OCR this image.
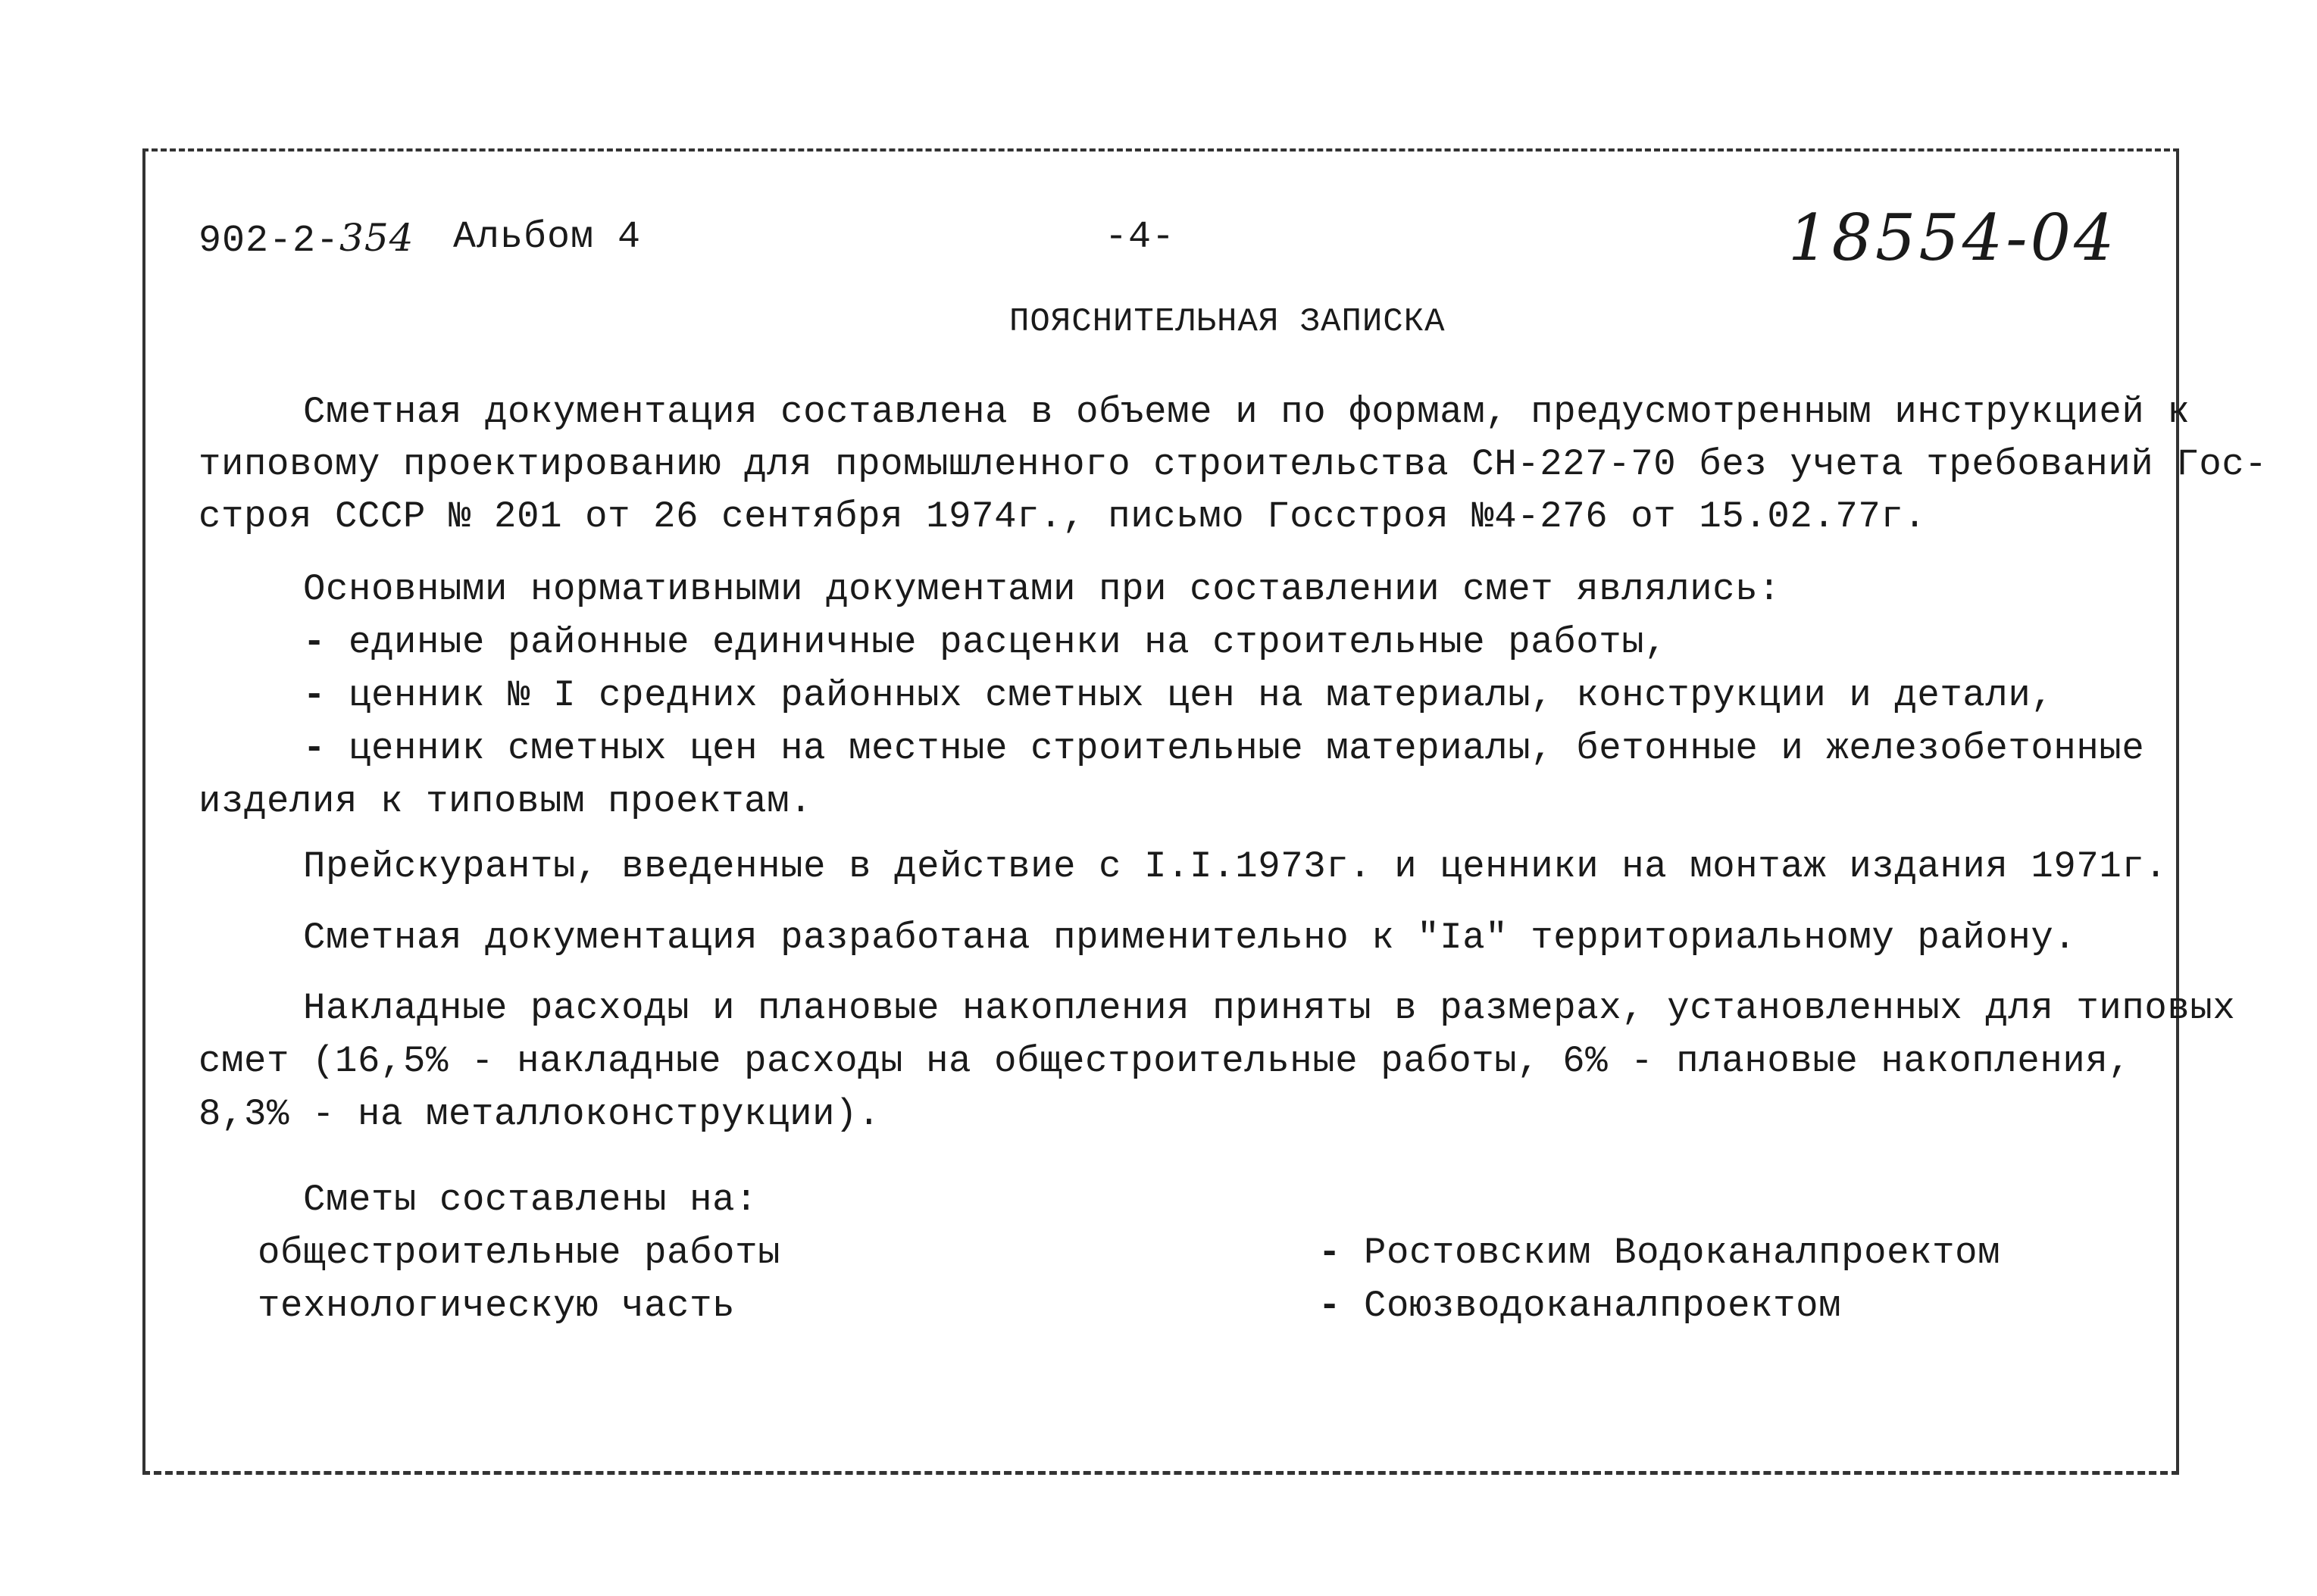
902-2-354 Альбом 4	-4-	18554-04
ПОЯСНИТЕЛЬНАЯ ЗАПИСКА
Сметная документация составлена в объеме и по формам, предусмотренным инструкцией к
типовому проектированию для промышленного строительства СН-227-70 без учета требований Гос-
строя СССР № 201 от 26 сентября 1974г., письмо Госстроя №4-276 от 15.02.77г.
Основными нормативными документами при составлении смет являлись:
- единые районные единичные расценки на строительные работы,
- ценник № I средних районных сметных цен на материалы, конструкции и детали,
- ценник сметных цен на местные строительные материалы, бетонные и железобетонные
изделия к типовым проектам.
Прейскуранты, введенные в действие с I.I.1973г. и ценники на монтаж издания 1971г.
Сметная документация разработана применительно к "Iа" территориальному району.
Накладные расходы и плановые накопления приняты в размерах, установленных для типовых
смет (16,5% - накладные расходы на общестроительные работы, 6% - плановые накопления,
8,3% - на металлоконструкции).
Сметы составлены на:
общестроительные работы	- Ростовским Водоканалпроектом
технологическую часть	- Союзводоканалпроектом
